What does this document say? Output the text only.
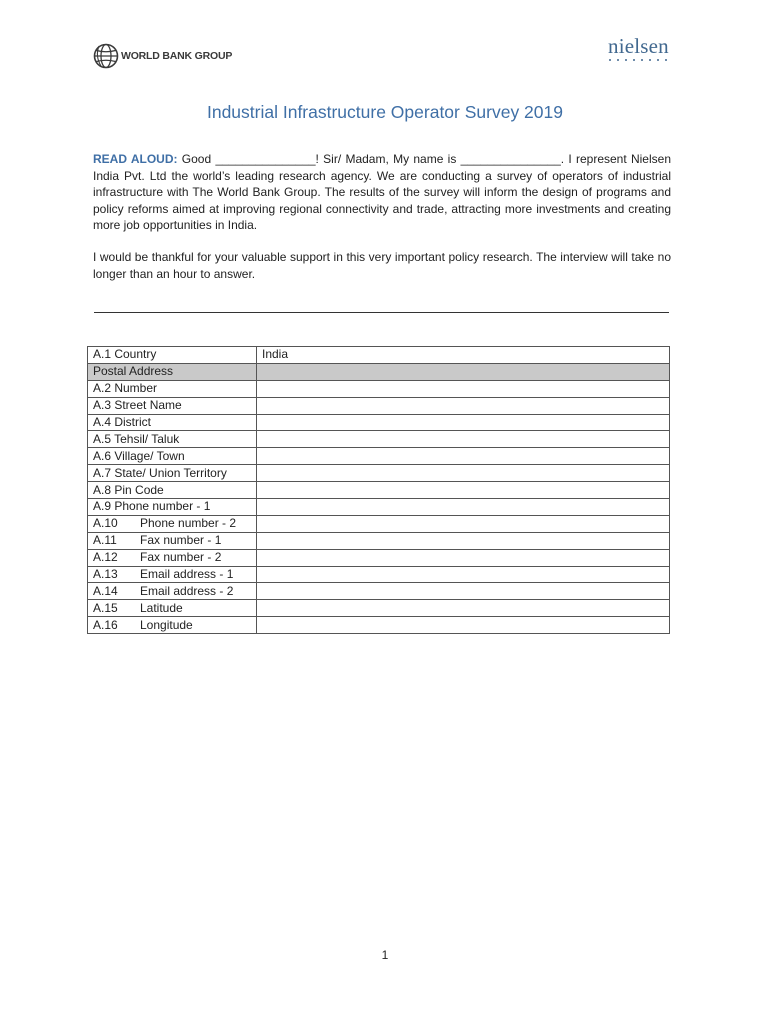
WORLD BANK GROUP	nielsen
Industrial Infrastructure Operator Survey 2019
READ ALOUD: Good _______________! Sir/ Madam, My name is _______________. I represent Nielsen India Pvt. Ltd the world’s leading research agency. We are conducting a survey of operators of industrial infrastructure with The World Bank Group. The results of the survey will inform the design of programs and policy reforms aimed at improving regional connectivity and trade, attracting more investments and creating more job opportunities in India.
I would be thankful for your valuable support in this very important policy research. The interview will take no longer than an hour to answer.
A.1 Country	India
Postal Address	
A.2 Number	
A.3 Street Name	
A.4 District	
A.5 Tehsil/ Taluk	
A.6 Village/ Town	
A.7 State/ Union Territory	
A.8 Pin Code	
A.9 Phone number - 1	
A.10 Phone number - 2	
A.11 Fax number - 1	
A.12 Fax number - 2	
A.13 Email address - 1	
A.14 Email address - 2	
A.15 Latitude	
A.16 Longitude	
1
